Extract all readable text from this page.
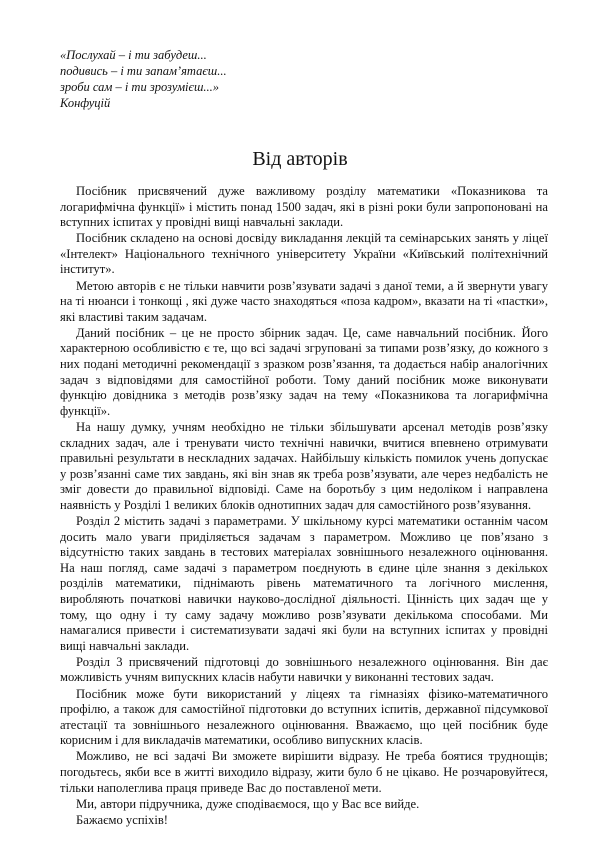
«Послухай – і ти забудеш...
подивись – і ти запам’ятаєш...
зроби сам – і ти зрозумієш...»
Конфуцій
Від авторів

Посібник присвячений дуже важливому розділу математики «Показникова та логарифмічна функції» і містить понад 1500 задач, які в різні роки були запропоновані на вступних іспитах у провідні вищі навчальні заклади.

Посібник складено на основі досвіду викладання лекцій та семінарських занять у ліцеї «Інтелект» Національного технічного університету України «Київський політехнічний інститут».

Метою авторів є не тільки навчити розв’язувати задачі з даної теми, а й звернути увагу на ті нюанси і тонкощі , які дуже часто знаходяться «поза кадром», вказати на ті «пастки», які властиві таким задачам.

Даний посібник – це не просто збірник задач. Це, саме навчальний посібник. Його характерною особливістю є те, що всі задачі згруповані за типами розв’язку, до кожного з них подані методичні рекомендації з зразком розв’язання, та додається набір аналогічних задач з відповідями для самостійної роботи. Тому даний посібник може виконувати функцію довідника з методів розв’язку задач на тему «Показникова та логарифмічна функції».

На нашу думку, учням необхідно не тільки збільшувати арсенал методів розв’язку складних задач, але і тренувати чисто технічні навички, вчитися впевнено отримувати правильні результати в нескладних задачах. Найбільшу кількість помилок учень допускає у розв’язанні саме тих завдань, які він знав як треба розв’язувати, але через недбалість не зміг довести до правильної відповіді. Саме на боротьбу з цим недоліком і направлена наявність у Розділі 1 великих блоків однотипних задач для самостійного розв’язування.

Розділ 2 містить задачі з параметрами. У шкільному курсі математики останнім часом досить мало уваги приділяється задачам з параметром. Можливо це пов’язано з відсутністю таких завдань в тестових матеріалах зовнішнього незалежного оцінювання. На наш погляд, саме задачі з параметром поєднують в єдине ціле знання з декількох розділів математики, піднімають рівень математичного та логічного мислення, виробляють початкові навички науково-дослідної діяльності. Цінність цих задач ще у тому, що одну і ту саму задачу можливо розв’язувати декількома способами. Ми намагалися привести і систематизувати задачі які були на вступних іспитах у провідні вищі навчальні заклади.

Розділ 3 присвячений підготовці до зовнішнього незалежного оцінювання. Він дає можливість учням випускних класів набути навички у виконанні тестових задач.

Посібник може бути використаний у ліцеях та гімназіях фізико-математичного профілю, а також для самостійної підготовки до вступних іспитів, державної підсумкової атестації та зовнішнього незалежного оцінювання. Вважаємо, що цей посібник буде корисним і для викладачів математики, особливо випускних класів.

Можливо, не всі задачі Ви зможете вирішити відразу. Не треба боятися труднощів; погодьтесь, якби все в житті виходило відразу, жити було б не цікаво. Не розчаровуйтеся, тільки наполеглива праця приведе Вас до поставленої мети.

Ми, автори підручника, дуже сподіваємося, що у Вас все вийде.

Бажаємо успіхів!
